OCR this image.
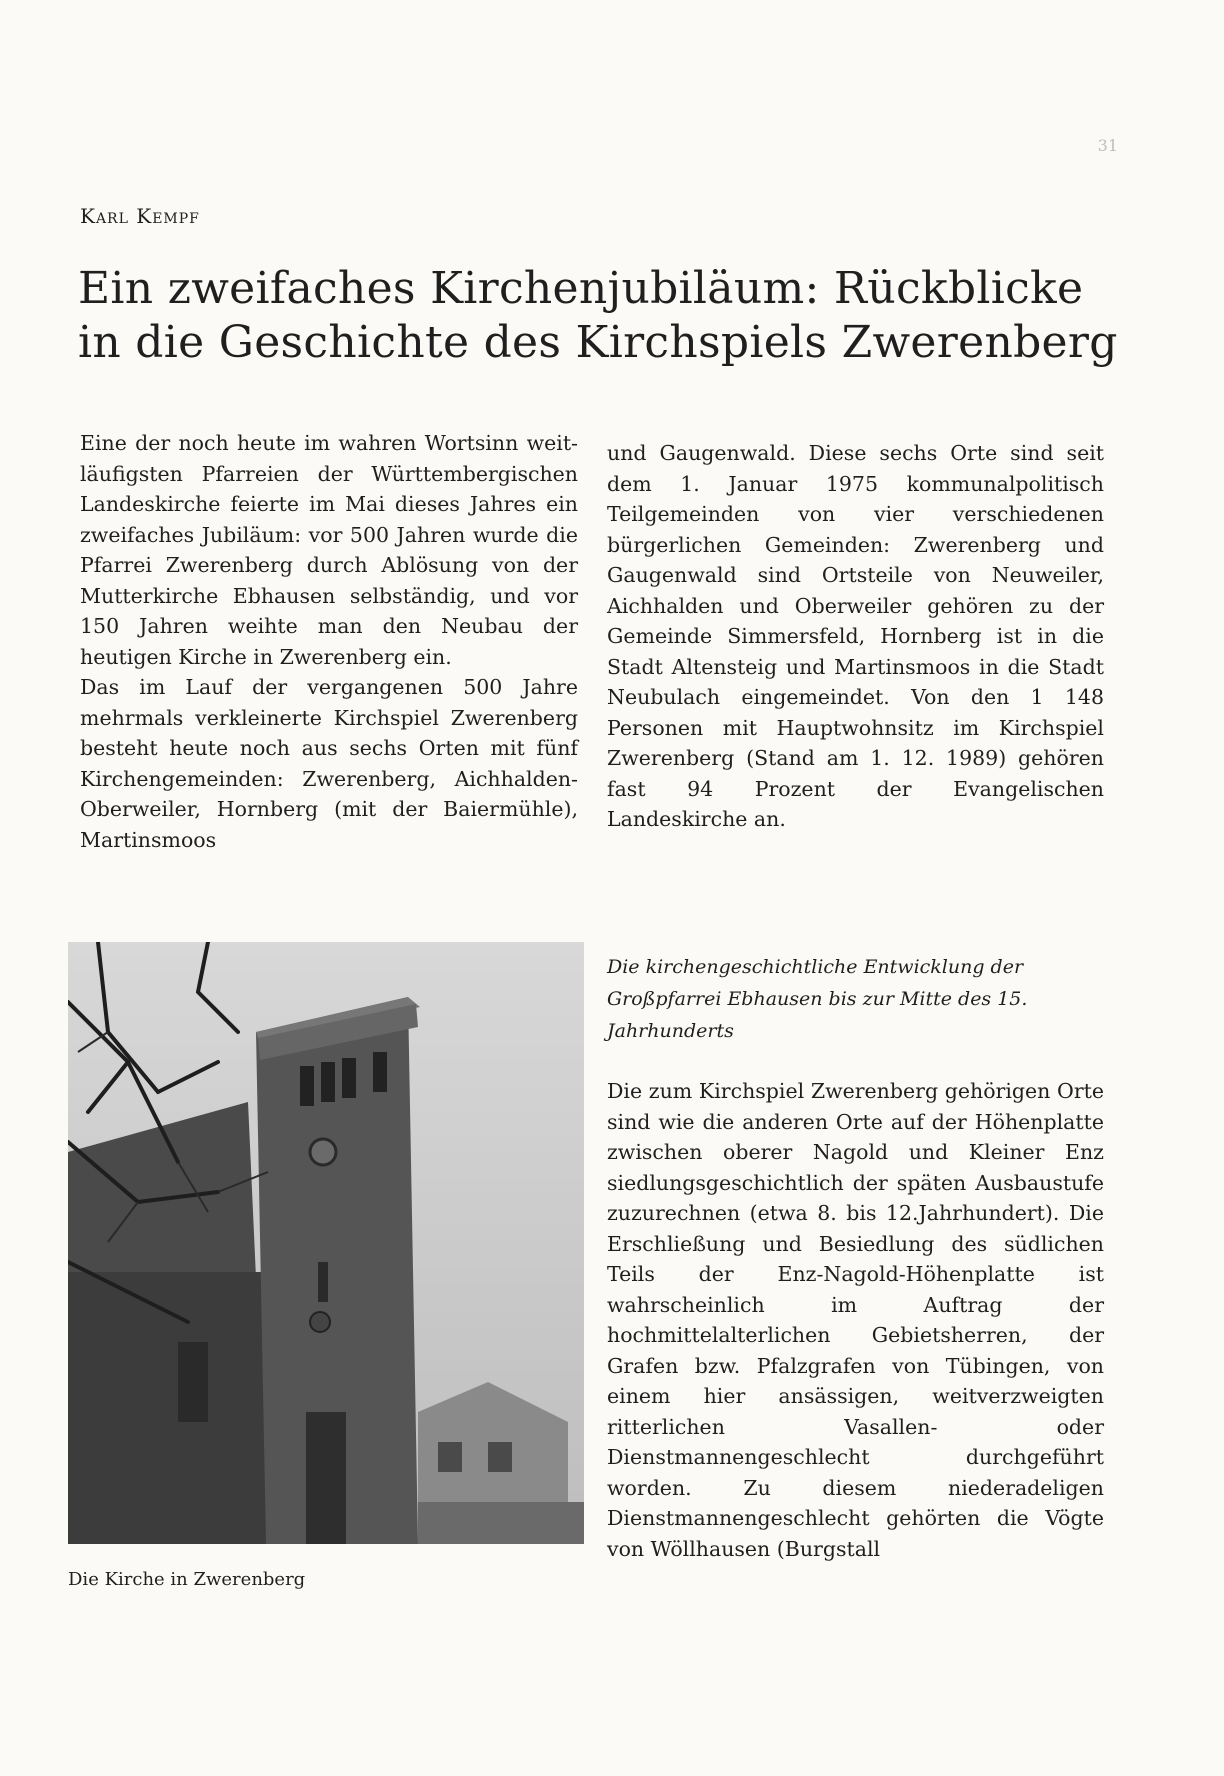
31
Karl Kempf
Ein zweifaches Kirchenjubiläum: Rückblicke
in die Geschichte des Kirchspiels Zwerenberg

Eine der noch heute im wahren Wortsinn weit-läufigsten Pfarreien der Württembergischen Landeskirche feierte im Mai dieses Jahres ein zweifaches Jubiläum: vor 500 Jahren wurde die Pfarrei Zwerenberg durch Ablösung von der Mutterkirche Ebhausen selbständig, und vor 150 Jahren weihte man den Neubau der heutigen Kirche in Zwerenberg ein.

Das im Lauf der vergangenen 500 Jahre mehrmals verkleinerte Kirchspiel Zwerenberg besteht heute noch aus sechs Orten mit fünf Kirchengemeinden: Zwerenberg, Aichhalden-Oberweiler, Hornberg (mit der Baiermühle), Martinsmoos

und Gaugenwald. Diese sechs Orte sind seit dem 1. Januar 1975 kommunalpolitisch Teilgemeinden von vier verschiedenen bürgerlichen Gemeinden: Zwerenberg und Gaugenwald sind Ortsteile von Neuweiler, Aichhalden und Oberweiler gehören zu der Gemeinde Simmersfeld, Hornberg ist in die Stadt Altensteig und Martinsmoos in die Stadt Neubulach eingemeindet. Von den 1 148 Personen mit Hauptwohnsitz im Kirchspiel Zwerenberg (Stand am 1. 12. 1989) gehören fast 94 Prozent der Evangelischen Landeskirche an.

Die kirchengeschichtliche Entwicklung der Großpfarrei Ebhausen bis zur Mitte des 15. Jahrhunderts

Die zum Kirchspiel Zwerenberg gehörigen Orte sind wie die anderen Orte auf der Höhenplatte zwischen oberer Nagold und Kleiner Enz siedlungsgeschichtlich der späten Ausbaustufe zuzurechnen (etwa 8. bis 12.Jahrhundert). Die Erschließung und Besiedlung des südlichen Teils der Enz-Nagold-Höhenplatte ist wahrscheinlich im Auftrag der hochmittelalterlichen Gebietsherren, der Grafen bzw. Pfalzgrafen von Tübingen, von einem hier ansässigen, weitverzweigten ritterlichen Vasallen- oder Dienstmannengeschlecht durchgeführt worden. Zu diesem niederadeligen Dienstmannengeschlecht gehörten die Vögte von Wöllhausen (Burgstall

Die Kirche in Zwerenberg
